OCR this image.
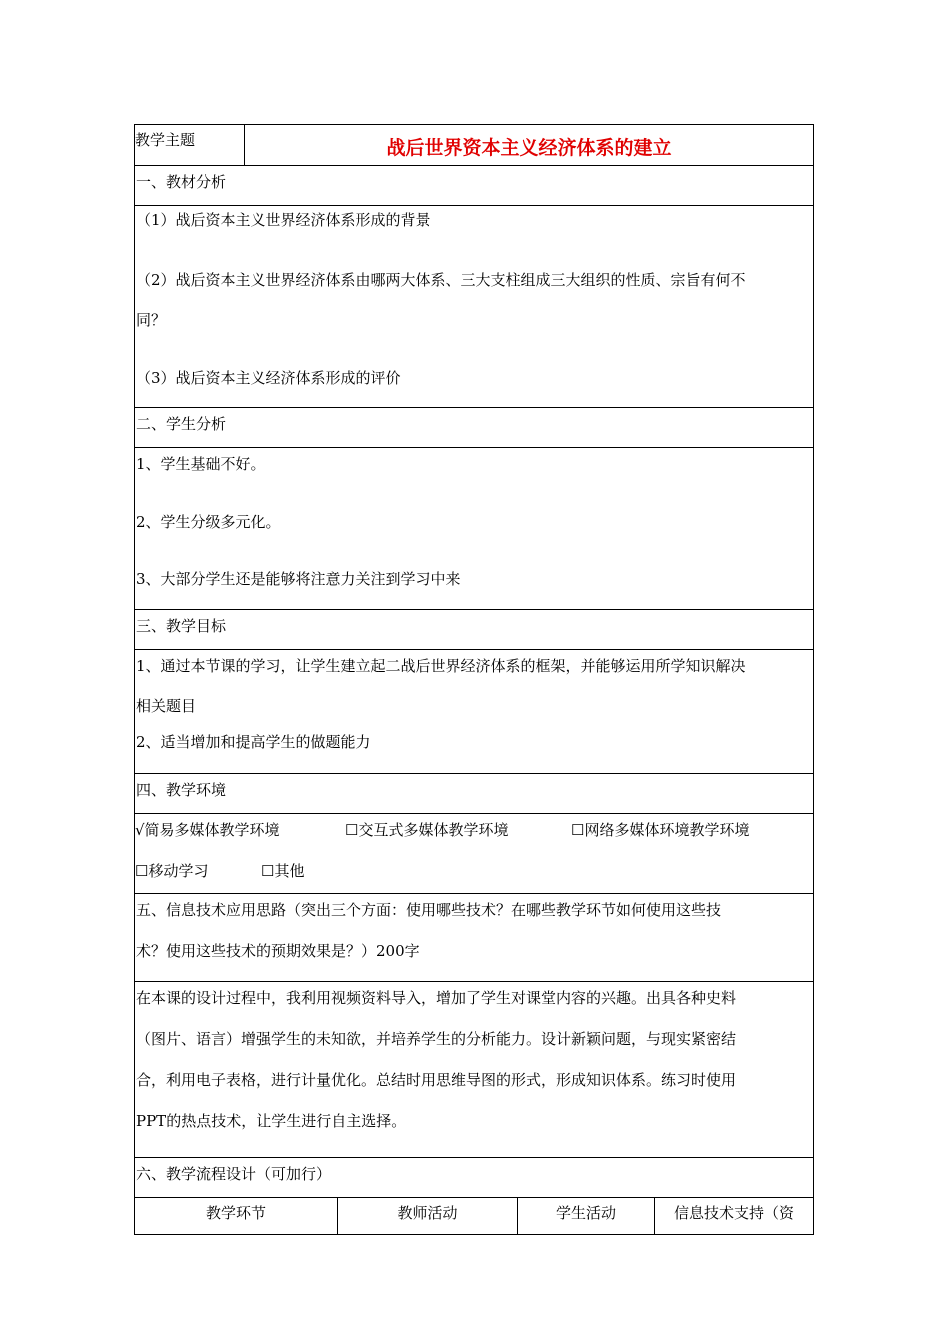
教学主题	战后世界资本主义经济体系的建立
一、教材分析
（1）战后资本主义世界经济体系形成的背景
（2）战后资本主义世界经济体系由哪两大体系、三大支柱组成三大组织的性质、宗旨有何不
同？
（3）战后资本主义经济体系形成的评价
二、学生分析
1、学生基础不好。
2、学生分级多元化。
3、大部分学生还是能够将注意力关注到学习中来
三、教学目标
1、通过本节课的学习，让学生建立起二战后世界经济体系的框架，并能够运用所学知识解决
相关题目
2、适当增加和提高学生的做题能力
四、教学环境
√简易多媒体教学环境	☐交互式多媒体教学环境	☐网络多媒体环境教学环境
☐移动学习	☐其他
五、信息技术应用思路（突出三个方面：使用哪些技术？在哪些教学环节如何使用这些技
术？使用这些技术的预期效果是？）200字
在本课的设计过程中，我利用视频资料导入，增加了学生对课堂内容的兴趣。出具各种史料
（图片、语言）增强学生的未知欲，并培养学生的分析能力。设计新颖问题，与现实紧密结
合，利用电子表格，进行计量优化。总结时用思维导图的形式，形成知识体系。练习时使用
PPT的热点技术，让学生进行自主选择。
六、教学流程设计（可加行）
教学环节	教师活动	学生活动	信息技术支持（资
